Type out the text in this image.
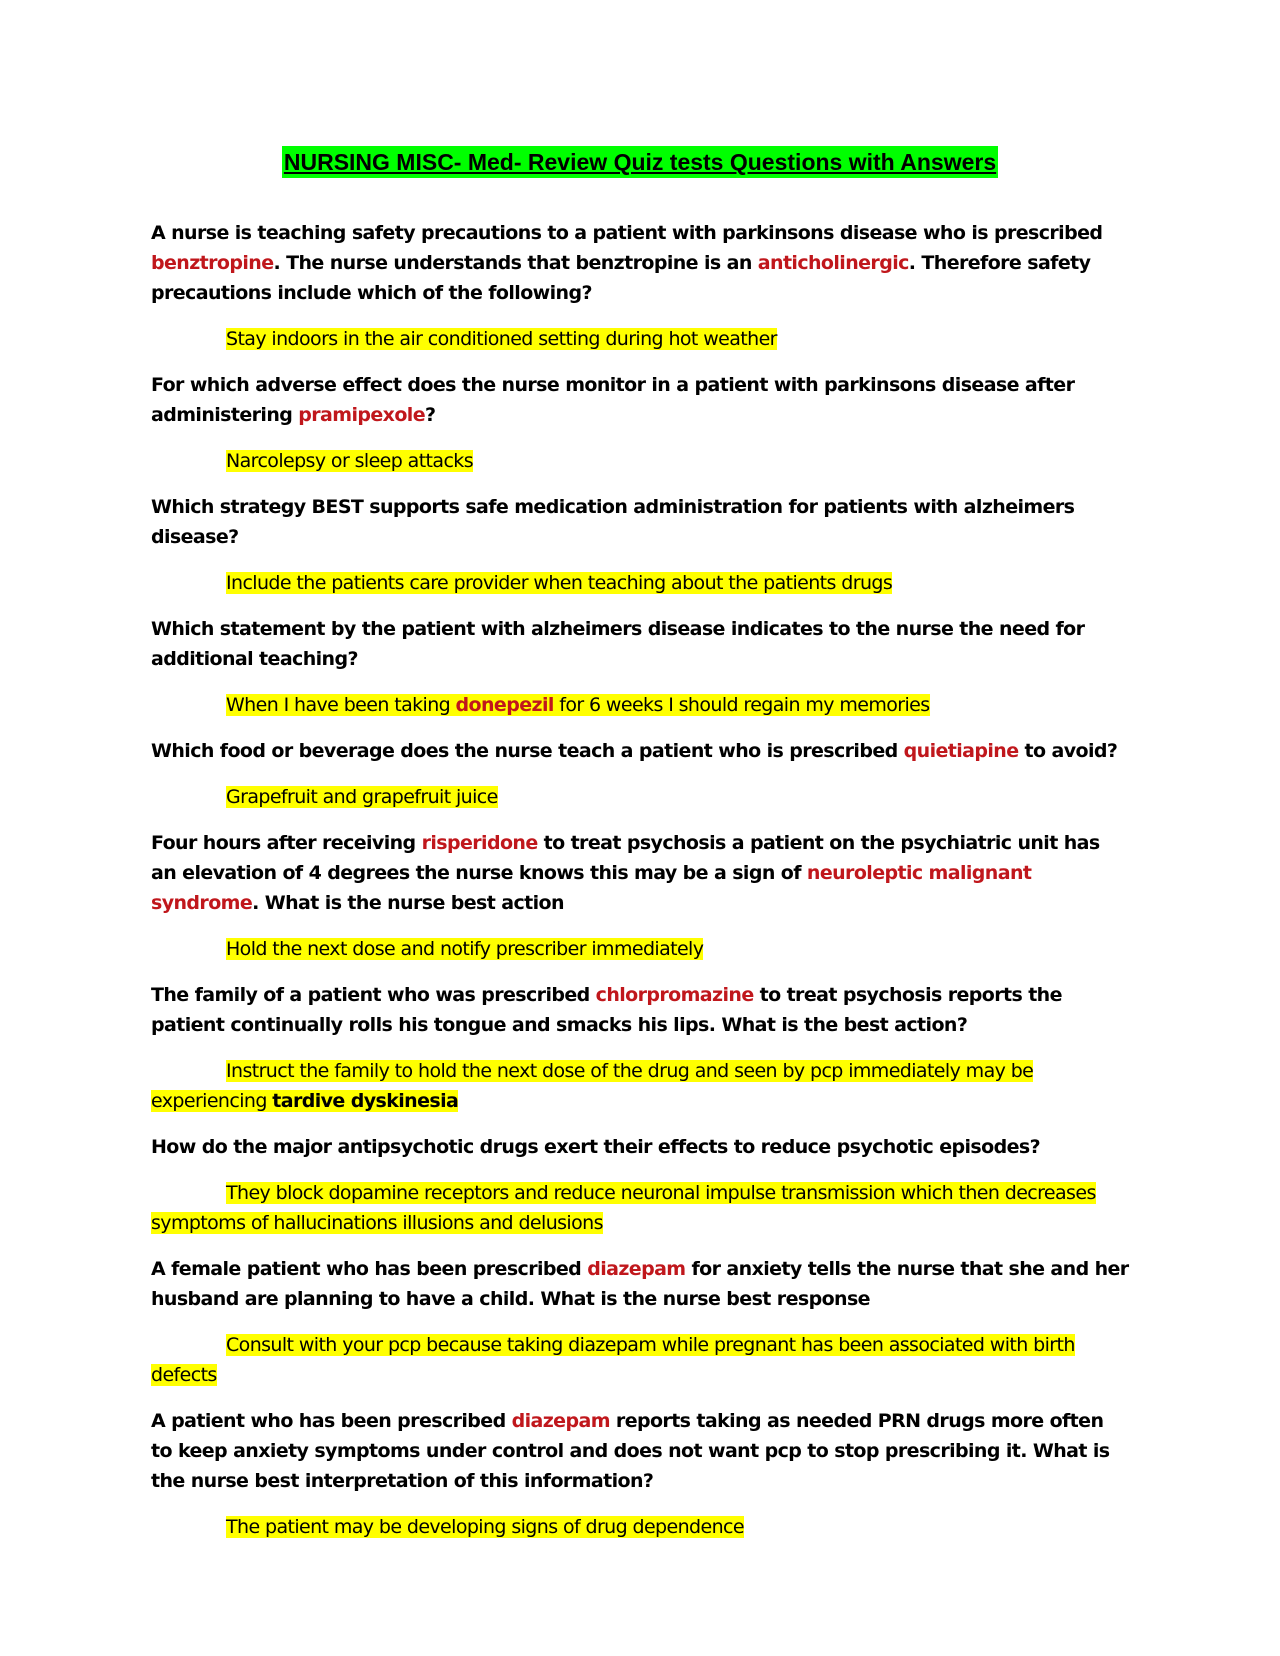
NURSING MISC- Med- Review Quiz tests Questions with Answers

A nurse is teaching safety precautions to a patient with parkinsons disease who is prescribed benztropine. The nurse understands that benztropine is an anticholinergic. Therefore safety precautions include which of the following?

Stay indoors in the air conditioned setting during hot weather

For which adverse effect does the nurse monitor in a patient with parkinsons disease after administering pramipexole?

Narcolepsy or sleep attacks

Which strategy BEST supports safe medication administration for patients with alzheimers disease?

Include the patients care provider when teaching about the patients drugs

Which statement by the patient with alzheimers disease indicates to the nurse the need for additional teaching?

When I have been taking donepezil for 6 weeks I should regain my memories

Which food or beverage does the nurse teach a patient who is prescribed quietiapine to avoid?

Grapefruit and grapefruit juice

Four hours after receiving risperidone to treat psychosis a patient on the psychiatric unit has an elevation of 4 degrees the nurse knows this may be a sign of neuroleptic malignant syndrome. What is the nurse best action

Hold the next dose and notify prescriber immediately

The family of a patient who was prescribed chlorpromazine to treat psychosis reports the patient continually rolls his tongue and smacks his lips. What is the best action?

Instruct the family to hold the next dose of the drug and seen by pcp immediately may be experiencing tardive dyskinesia

How do the major antipsychotic drugs exert their effects to reduce psychotic episodes?

They block dopamine receptors and reduce neuronal impulse transmission which then decreases symptoms of hallucinations illusions and delusions

A female patient who has been prescribed diazepam for anxiety tells the nurse that she and her husband are planning to have a child. What is the nurse best response

Consult with your pcp because taking diazepam while pregnant has been associated with birth defects

A patient who has been prescribed diazepam reports taking as needed PRN drugs more often to keep anxiety symptoms under control and does not want pcp to stop prescribing it. What is the nurse best interpretation of this information?

The patient may be developing signs of drug dependence
